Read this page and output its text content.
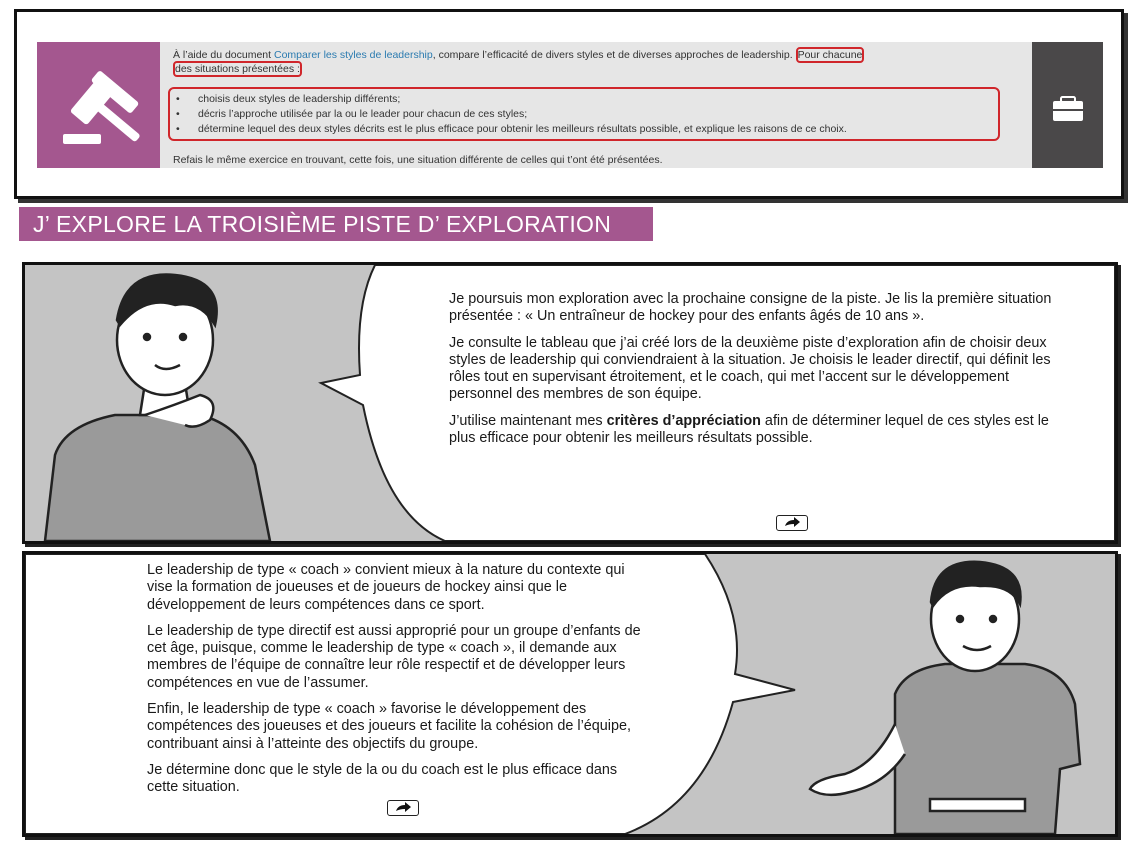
À l’aide du document Comparer les styles de leadership, compare l’efficacité de divers styles et de diverses approches de leadership. Pour chacune
des situations présentées :
• choisis deux styles de leadership différents;
• décris l’approche utilisée par la ou le leader pour chacun de ces styles;
• détermine lequel des deux styles décrits est le plus efficace pour obtenir les meilleurs résultats possible, et explique les raisons de ce choix.
Refais le même exercice en trouvant, cette fois, une situation différente de celles qui t’ont été présentées.
J’ EXPLORE LA TROISIÈME PISTE D’ EXPLORATION

Je poursuis mon exploration avec la prochaine consigne de la piste. Je lis la première situation présentée : « Un entraîneur de hockey pour des enfants âgés de 10 ans ».

Je consulte le tableau que j’ai créé lors de la deuxième piste d’exploration afin de choisir deux styles de leadership qui conviendraient à la situation. Je choisis le leader directif, qui définit les rôles tout en supervisant étroitement, et le coach, qui met l’accent sur le développement personnel des membres de son équipe.

J’utilise maintenant mes critères d’appréciation afin de déterminer lequel de ces styles est le plus efficace pour obtenir les meilleurs résultats possible.

Le leadership de type « coach » convient mieux à la nature du contexte qui vise la formation de joueuses et de joueurs de hockey ainsi que le développement de leurs compétences dans ce sport.

Le leadership de type directif est aussi approprié pour un groupe d’enfants de cet âge, puisque, comme le leadership de type « coach », il demande aux membres de l’équipe de connaître leur rôle respectif et de développer leurs compétences en vue de l’assumer.

Enfin, le leadership de type « coach » favorise le développement des compétences des joueuses et des joueurs et facilite la cohésion de l’équipe, contribuant ainsi à l’atteinte des objectifs du groupe.

Je détermine donc que le style de la ou du coach est le plus efficace dans cette situation.
